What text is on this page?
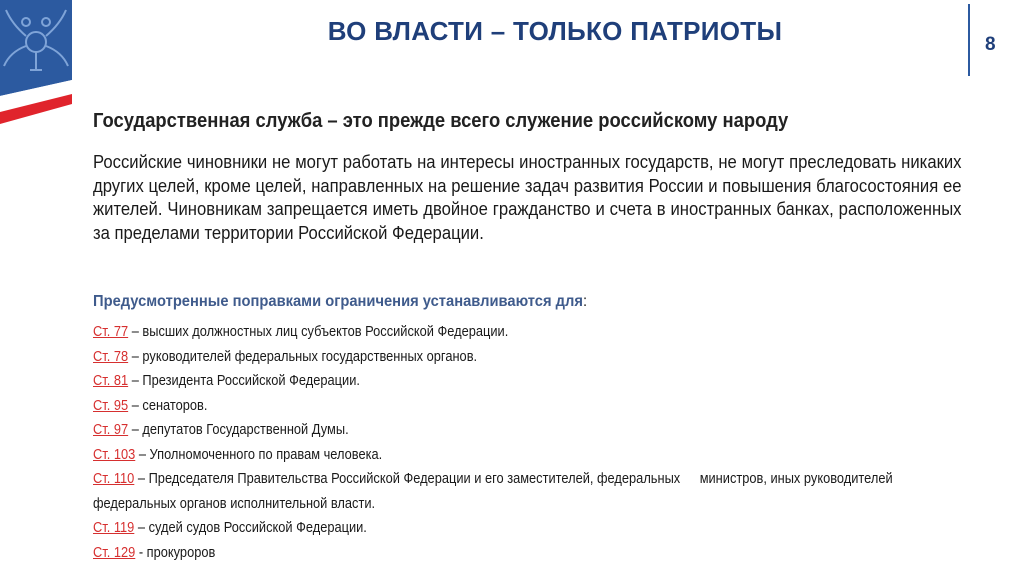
ВО ВЛАСТИ – ТОЛЬКО ПАТРИОТЫ	8
Государственная служба – это прежде всего служение российскому народу
Российские чиновники не могут работать на интересы иностранных государств, не могут преследовать никаких других целей, кроме целей, направленных на решение задач развития России и повышения благосостояния ее жителей. Чиновникам запрещается иметь двойное гражданство и счета в иностранных банках, расположенных за пределами территории Российской Федерации.
Предусмотренные поправками ограничения устанавливаются для:
Ст. 77 – высших должностных лиц субъектов Российской Федерации.
Ст. 78 – руководителей федеральных государственных органов.
Ст. 81 – Президента Российской Федерации.
Ст. 95 – сенаторов.
Ст. 97 – депутатов Государственной Думы.
Ст. 103 – Уполномоченного по правам человека.
Ст. 110 – Председателя Правительства Российской Федерации и его заместителей, федеральных министров, иных руководителей федеральных органов исполнительной власти.
Ст. 119 – судей судов Российской Федерации.
Ст. 129 - прокуроров
